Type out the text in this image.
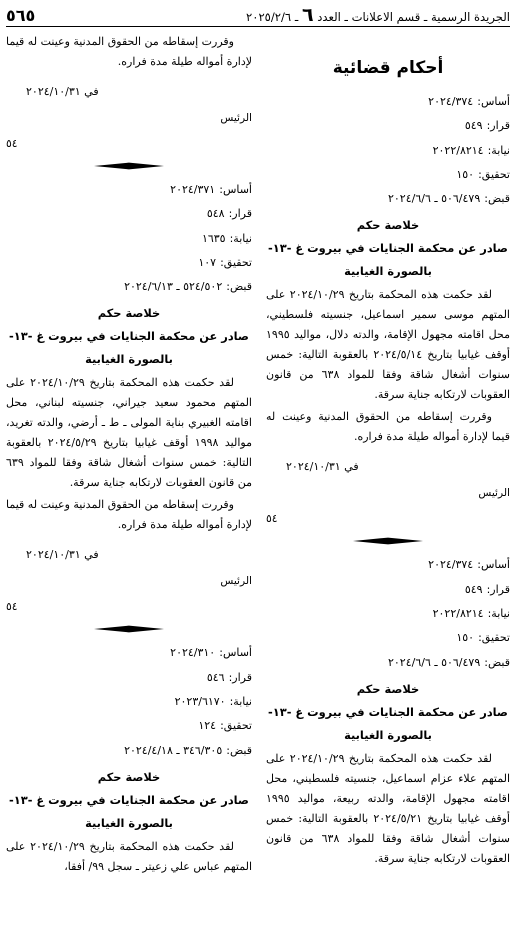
الجريدة الرسمية ـ قسم الاعلانات ـ العدد ٦ ـ ٢٠٢٥/٢/٦
٥٦٥
أحكام قضائية
أساس:٢٠٢٤/٣٧٤
قرار:٥٤٩
نيابة:٢٠٢٢/٨٢١٤
تحقيق:١٥٠
قبض:٥٠٦/٤٧٩ ـ ٢٠٢٤/٦/٦
خلاصة حكم
صادر عن محكمة الجنايات في بيروت غ -١٣-
بالصورة الغيابية

لقد حكمت هذه المحكمة بتاريخ ٢٠٢٤/١٠/٢٩ على المتهم موسى سمير اسماعيل، جنسيته فلسطيني، محل اقامته مجهول الإقامة، والدته دلال، مواليد ١٩٩٥ أوقف غيابيا بتاريخ ٢٠٢٤/٥/١٤ بالعقوبة التالية: خمس سنوات أشغال شاقة وفقا للمواد ٦٣٨ من قانون العقوبات لارتكابه جناية سرقة.

وقررت إسقاطه من الحقوق المدنية وعينت له قيما لإدارة أمواله طيلة مدة فراره.

في ٢٠٢٤/١٠/٣١
الرئيس
٥٤
أساس:٢٠٢٤/٣٧٤
قرار:٥٤٩
نيابة:٢٠٢٢/٨٢١٤
تحقيق:١٥٠
قبض:٥٠٦/٤٧٩ ـ ٢٠٢٤/٦/٦
خلاصة حكم
صادر عن محكمة الجنايات في بيروت غ -١٣-
بالصورة الغيابية

لقد حكمت هذه المحكمة بتاريخ ٢٠٢٤/١٠/٢٩ على المتهم علاء عزام اسماعيل، جنسيته فلسطيني، محل اقامته مجهول الإقامة، والدته ربيعة، مواليد ١٩٩٥ أوقف غيابيا بتاريخ ٢٠٢٤/٥/٢١ بالعقوبة التالية: خمس سنوات أشغال شاقة وفقا للمواد ٦٣٨ من قانون العقوبات لارتكابه جناية سرقة.

وقررت إسقاطه من الحقوق المدنية وعينت له قيما لإدارة أمواله طيلة مدة فراره.

في ٢٠٢٤/١٠/٣١
الرئيس
٥٤
أساس:٢٠٢٤/٣٧١
قرار:٥٤٨
نيابة:١٦٣٥
تحقيق:١٠٧
قبض:٥٢٤/٥٠٢ ـ ٢٠٢٤/٦/١٣
خلاصة حكم
صادر عن محكمة الجنايات في بيروت غ -١٣-
بالصورة الغيابية

لقد حكمت هذه المحكمة بتاريخ ٢٠٢٤/١٠/٢٩ على المتهم محمود سعيد جيراني، جنسيته لبناني، محل اقامته الغبيري بناية المولى ـ ط ـ أرضي، والدته تغريد، مواليد ١٩٩٨ أوقف غيابيا بتاريخ ٢٠٢٤/٥/٢٩ بالعقوبة التالية: خمس سنوات أشغال شاقة وفقا للمواد ٦٣٩ من قانون العقوبات لارتكابه جناية سرقة.

وقررت إسقاطه من الحقوق المدنية وعينت له قيما لإدارة أمواله طيلة مدة فراره.

في ٢٠٢٤/١٠/٣١
الرئيس
٥٤
أساس:٢٠٢٤/٣١٠
قرار:٥٤٦
نيابة:٢٠٢٣/٦١٧٠
تحقيق:١٢٤
قبض:٣٤٦/٣٠٥ ـ ٢٠٢٤/٤/١٨
خلاصة حكم
صادر عن محكمة الجنايات في بيروت غ -١٣-
بالصورة الغيابية

لقد حكمت هذه المحكمة بتاريخ ٢٠٢٤/١٠/٢٩ على المتهم عباس علي زعيتر ـ سجل ٩٩/ أفقا،
